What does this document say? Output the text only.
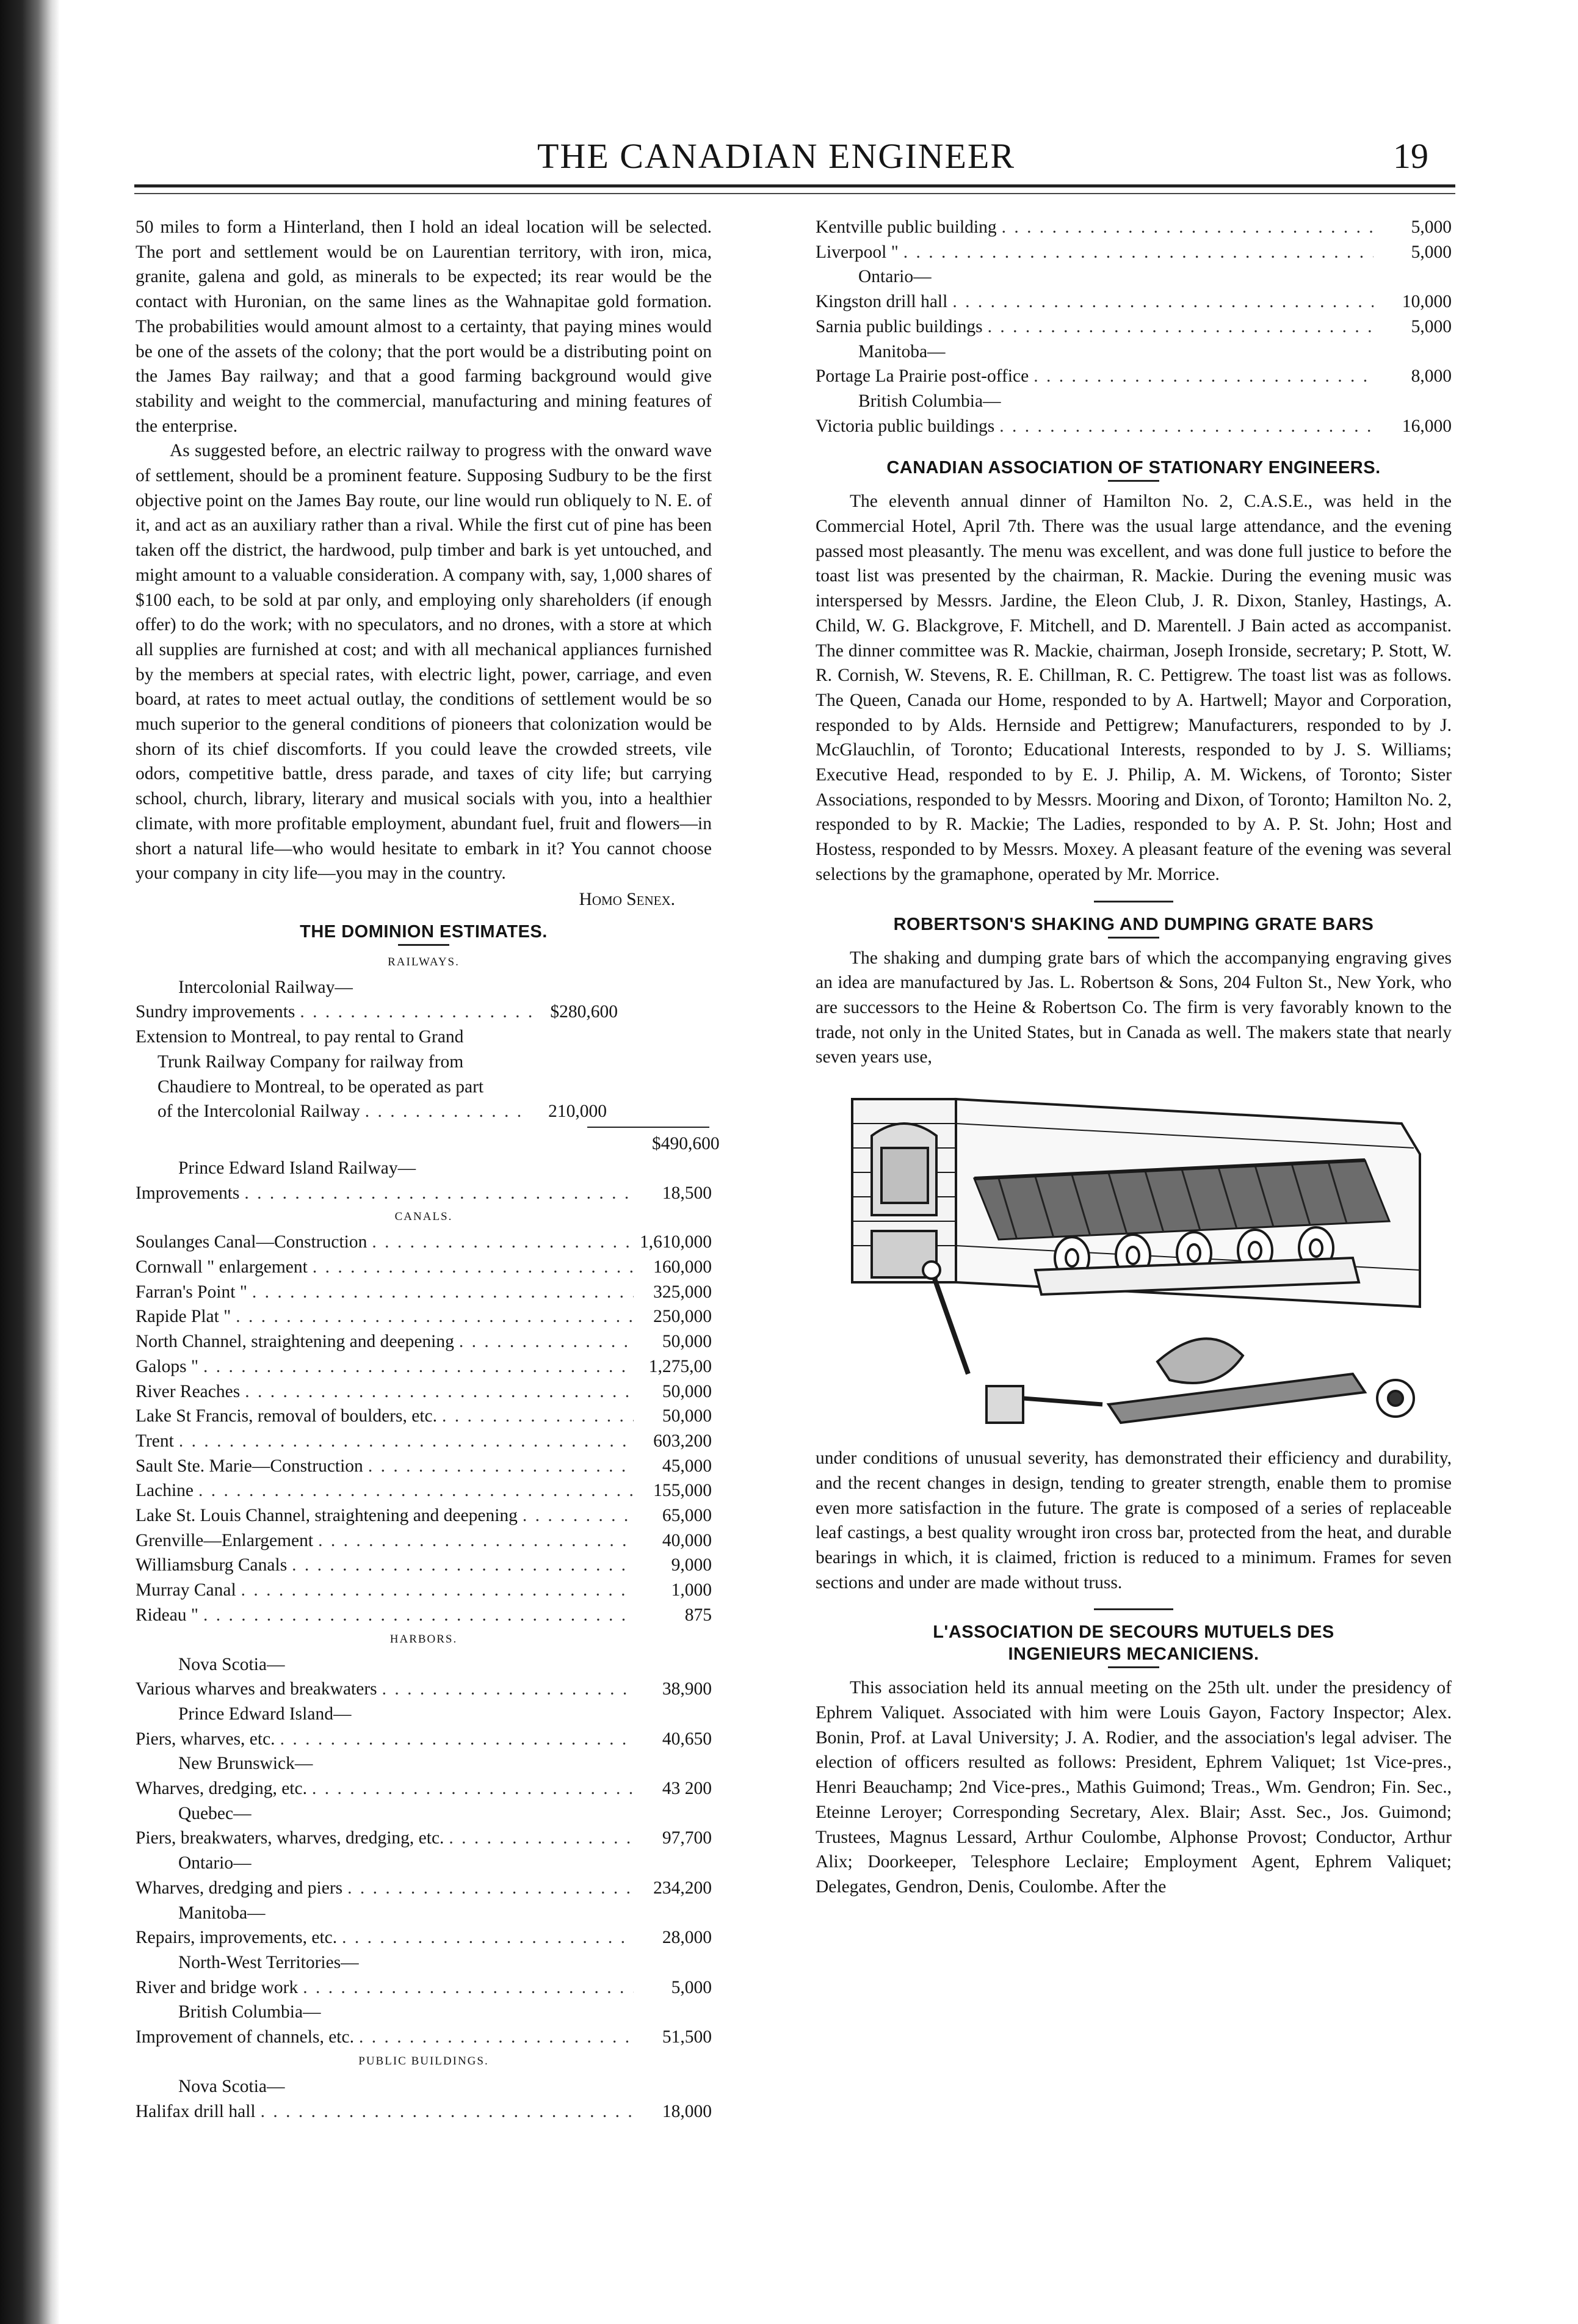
THE CANADIAN ENGINEER	19

50 miles to form a Hinterland, then I hold an ideal location will be selected. The port and settlement would be on Laurentian territory, with iron, mica, granite, galena and gold, as minerals to be expected; its rear would be the contact with Huronian, on the same lines as the Wahnapitae gold formation. The probabilities would amount almost to a certainty, that paying mines would be one of the assets of the colony; that the port would be a distributing point on the James Bay railway; and that a good farming background would give stability and weight to the commercial, manufacturing and mining features of the enterprise.

As suggested before, an electric railway to progress with the onward wave of settlement, should be a prominent feature. Supposing Sudbury to be the first objective point on the James Bay route, our line would run obliquely to N. E. of it, and act as an auxiliary rather than a rival. While the first cut of pine has been taken off the district, the hardwood, pulp timber and bark is yet untouched, and might amount to a valuable consideration. A company with, say, 1,000 shares of $100 each, to be sold at par only, and employing only shareholders (if enough offer) to do the work; with no speculators, and no drones, with a store at which all supplies are furnished at cost; and with all mechanical appliances furnished by the members at special rates, with electric light, power, carriage, and even board, at rates to meet actual outlay, the conditions of settlement would be so much superior to the general conditions of pioneers that colonization would be shorn of its chief discomforts. If you could leave the crowded streets, vile odors, competitive battle, dress parade, and taxes of city life; but carrying school, church, library, literary and musical socials with you, into a healthier climate, with more profitable employment, abundant fuel, fruit and flowers—in short a natural life—who would hesitate to embark in it? You cannot choose your company in city life—you may in the country.

Homo Senex.
THE DOMINION ESTIMATES.
RAILWAYS.
Intercolonial Railway—
Sundry improvements . . .	$280,600
Extension to Montreal, to pay rental to Grand
Trunk Railway Company for railway from
Chaudiere to Montreal, to be operated as part
of the Intercolonial Railway . . .	210,000
$490,600
Prince Edward Island Railway—
Improvements . . .	18,500
CANALS.
Soulanges Canal—Construction . . .	1,610,000
Cornwall " enlargement . . .	160,000
Farran's Point " . . .	325,000
Rapide Plat " . . .	250,000
North Channel, straightening and deepening . . .	50,000
Galops " . . .	1,275,00
River Reaches . . .	50,000
Lake St Francis, removal of boulders, etc. . . .	50,000
Trent . . .	603,200
Sault Ste. Marie—Construction . . .	45,000
Lachine . . .	155,000
Lake St. Louis Channel, straightening and deepening . . .	65,000
Grenville—Enlargement . . .	40,000
Williamsburg Canals . . .	9,000
Murray Canal . . .	1,000
Rideau " . . .	875
HARBORS.
Nova Scotia—
Various wharves and breakwaters . . .	38,900
Prince Edward Island—
Piers, wharves, etc. . . .	40,650
New Brunswick—
Wharves, dredging, etc. . . .	43 200
Quebec—
Piers, breakwaters, wharves, dredging, etc. . . .	97,700
Ontario—
Wharves, dredging and piers . . .	234,200
Manitoba—
Repairs, improvements, etc. . . .	28,000
North-West Territories—
River and bridge work . . .	5,000
British Columbia—
Improvement of channels, etc. . . .	51,500
PUBLIC BUILDINGS.
Nova Scotia—
Halifax drill hall . . .	18,000
Kentville public building . . .	5,000
Liverpool " . . .	5,000
Ontario—
Kingston drill hall . . .	10,000
Sarnia public buildings . . .	5,000
Manitoba—
Portage La Prairie post-office . . .	8,000
British Columbia—
Victoria public buildings . . .	16,000
CANADIAN ASSOCIATION OF STATIONARY ENGINEERS.

The eleventh annual dinner of Hamilton No. 2, C.A.S.E., was held in the Commercial Hotel, April 7th. There was the usual large attendance, and the evening passed most pleasantly. The menu was excellent, and was done full justice to before the toast list was presented by the chairman, R. Mackie. During the evening music was interspersed by Messrs. Jardine, the Eleon Club, J. R. Dixon, Stanley, Hastings, A. Child, W. G. Blackgrove, F. Mitchell, and D. Marentell. J Bain acted as accompanist. The dinner committee was R. Mackie, chairman, Joseph Ironside, secretary; P. Stott, W. R. Cornish, W. Stevens, R. E. Chillman, R. C. Pettigrew. The toast list was as follows. The Queen, Canada our Home, responded to by A. Hartwell; Mayor and Corporation, responded to by Alds. Hernside and Pettigrew; Manufacturers, responded to by J. McGlauchlin, of Toronto; Educational Interests, responded to by J. S. Williams; Executive Head, responded to by E. J. Philip, A. M. Wickens, of Toronto; Sister Associations, responded to by Messrs. Mooring and Dixon, of Toronto; Hamilton No. 2, responded to by R. Mackie; The Ladies, responded to by A. P. St. John; Host and Hostess, responded to by Messrs. Moxey. A pleasant feature of the evening was several selections by the gramaphone, operated by Mr. Morrice.

ROBERTSON'S SHAKING AND DUMPING GRATE BARS

The shaking and dumping grate bars of which the accompanying engraving gives an idea are manufactured by Jas. L. Robertson & Sons, 204 Fulton St., New York, who are successors to the Heine & Robertson Co. The firm is very favorably known to the trade, not only in the United States, but in Canada as well. The makers state that nearly seven years use,

under conditions of unusual severity, has demonstrated their efficiency and durability, and the recent changes in design, tending to greater strength, enable them to promise even more satisfaction in the future. The grate is composed of a series of replaceable leaf castings, a best quality wrought iron cross bar, protected from the heat, and durable bearings in which, it is claimed, friction is reduced to a minimum. Frames for seven sections and under are made without truss.

L'ASSOCIATION DE SECOURS MUTUELS DES
INGENIEURS MECANICIENS.

This association held its annual meeting on the 25th ult. under the presidency of Ephrem Valiquet. Associated with him were Louis Gayon, Factory Inspector; Alex. Bonin, Prof. at Laval University; J. A. Rodier, and the association's legal adviser. The election of officers resulted as follows: President, Ephrem Valiquet; 1st Vice-pres., Henri Beauchamp; 2nd Vice-pres., Mathis Guimond; Treas., Wm. Gendron; Fin. Sec., Eteinne Leroyer; Corresponding Secretary, Alex. Blair; Asst. Sec., Jos. Guimond; Trustees, Magnus Lessard, Arthur Coulombe, Alphonse Provost; Conductor, Arthur Alix; Doorkeeper, Telesphore Leclaire; Employment Agent, Ephrem Valiquet; Delegates, Gendron, Denis, Coulombe. After the
